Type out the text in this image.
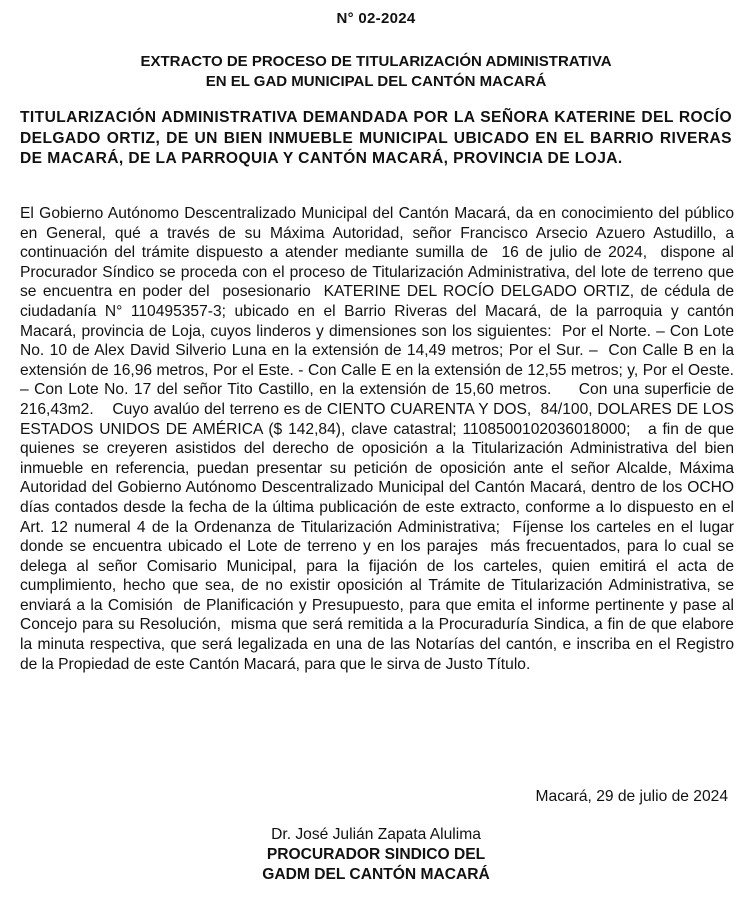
N° 02-2024
EXTRACTO DE PROCESO DE TITULARIZACIÓN ADMINISTRATIVA
EN EL GAD MUNICIPAL DEL CANTÓN MACARÁ
TITULARIZACIÓN ADMINISTRATIVA DEMANDADA POR LA SEÑORA KATERINE DEL ROCÍO DELGADO ORTIZ, DE UN BIEN INMUEBLE MUNICIPAL UBICADO EN EL BARRIO RIVERAS DE MACARÁ, DE LA PARROQUIA Y CANTÓN MACARÁ, PROVINCIA DE LOJA.
El Gobierno Autónomo Descentralizado Municipal del Cantón Macará, da en conocimiento del público en General, qué a través de su Máxima Autoridad, señor Francisco Arsecio Azuero Astudillo, a continuación del trámite dispuesto a atender mediante sumilla de  16 de julio de 2024,  dispone al Procurador Síndico se proceda con el proceso de Titularización Administrativa, del lote de terreno que se encuentra en poder del  posesionario  KATERINE DEL ROCÍO DELGADO ORTIZ, de cédula de ciudadanía N° 110495357-3; ubicado en el Barrio Riveras del Macará, de la parroquia y cantón Macará, provincia de Loja, cuyos linderos y dimensiones son los siguientes:  Por el Norte. – Con Lote No. 10 de Alex David Silverio Luna en la extensión de 14,49 metros; Por el Sur. –  Con Calle B en la extensión de 16,96 metros, Por el Este. - Con Calle E en la extensión de 12,55 metros; y, Por el Oeste. – Con Lote No. 17 del señor Tito Castillo, en la extensión de 15,60 metros.     Con una superficie de 216,43m2.    Cuyo avalúo del terreno es de CIENTO CUARENTA Y DOS,  84/100, DOLARES DE LOS ESTADOS UNIDOS DE AMÉRICA ($ 142,84), clave catastral; 1108500102036018000;   a fin de que quienes se creyeren asistidos del derecho de oposición a la Titularización Administrativa del bien inmueble en referencia, puedan presentar su petición de oposición ante el señor Alcalde, Máxima Autoridad del Gobierno Autónomo Descentralizado Municipal del Cantón Macará, dentro de los OCHO días contados desde la fecha de la última publicación de este extracto, conforme a lo dispuesto en el Art. 12 numeral 4 de la Ordenanza de Titularización Administrativa;  Fíjense los carteles en el lugar donde se encuentra ubicado el Lote de terreno y en los parajes  más frecuentados, para lo cual se delega al señor Comisario Municipal, para la fijación de los carteles, quien emitirá el acta de cumplimiento, hecho que sea, de no existir oposición al Trámite de Titularización Administrativa, se enviará a la Comisión  de Planificación y Presupuesto, para que emita el informe pertinente y pase al Concejo para su Resolución,  misma que será remitida a la Procuraduría Sindica, a fin de que elabore la minuta respectiva, que será legalizada en una de las Notarías del cantón, e inscriba en el Registro de la Propiedad de este Cantón Macará, para que le sirva de Justo Título.
Macará, 29 de julio de 2024
Dr. José Julián Zapata Alulima
PROCURADOR SINDICO DEL
GADM DEL CANTÓN MACARÁ
